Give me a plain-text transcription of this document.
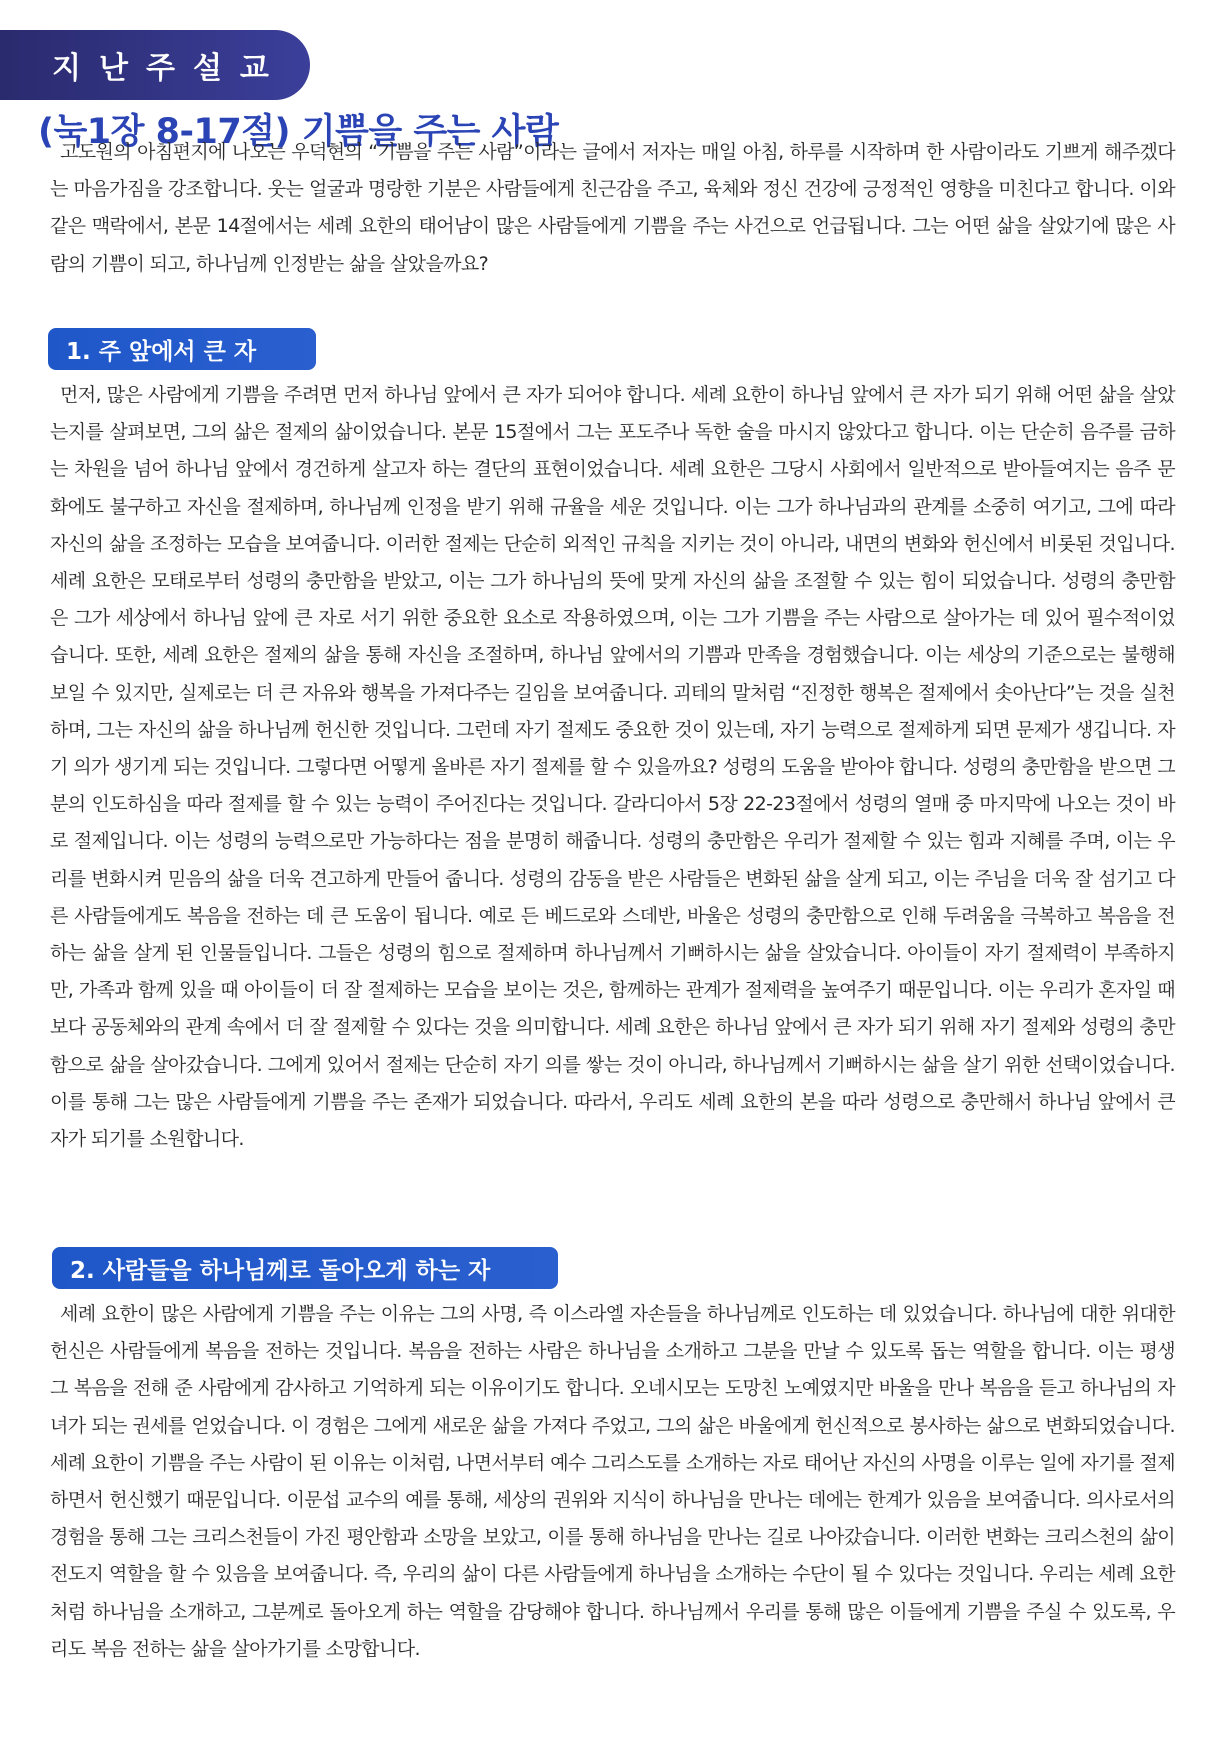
지난주설교
(눅1장 8-17절) 기쁨을 주는 사람

고도원의 아침편지에 나오는 우덕현의 “기쁨을 주는 사람”이라는 글에서 저자는 매일 아침, 하루를 시작하며 한 사람이라도 기쁘게 해주겠다는 마음가짐을 강조합니다. 웃는 얼굴과 명랑한 기분은 사람들에게 친근감을 주고, 육체와 정신 건강에 긍정적인 영향을 미친다고 합니다. 이와 같은 맥락에서, 본문 14절에서는 세례 요한의 태어남이 많은 사람들에게 기쁨을 주는 사건으로 언급됩니다. 그는 어떤 삶을 살았기에 많은 사람의 기쁨이 되고, 하나님께 인정받는 삶을 살았을까요?

1. 주 앞에서 큰 자

먼저, 많은 사람에게 기쁨을 주려면 먼저 하나님 앞에서 큰 자가 되어야 합니다. 세례 요한이 하나님 앞에서 큰 자가 되기 위해 어떤 삶을 살았는지를 살펴보면, 그의 삶은 절제의 삶이었습니다. 본문 15절에서 그는 포도주나 독한 술을 마시지 않았다고 합니다. 이는 단순히 음주를 금하는 차원을 넘어 하나님 앞에서 경건하게 살고자 하는 결단의 표현이었습니다. 세례 요한은 그당시 사회에서 일반적으로 받아들여지는 음주 문화에도 불구하고 자신을 절제하며, 하나님께 인정을 받기 위해 규율을 세운 것입니다. 이는 그가 하나님과의 관계를 소중히 여기고, 그에 따라 자신의 삶을 조정하는 모습을 보여줍니다. 이러한 절제는 단순히 외적인 규칙을 지키는 것이 아니라, 내면의 변화와 헌신에서 비롯된 것입니다. 세례 요한은 모태로부터 성령의 충만함을 받았고, 이는 그가 하나님의 뜻에 맞게 자신의 삶을 조절할 수 있는 힘이 되었습니다. 성령의 충만함은 그가 세상에서 하나님 앞에 큰 자로 서기 위한 중요한 요소로 작용하였으며, 이는 그가 기쁨을 주는 사람으로 살아가는 데 있어 필수적이었습니다. 또한, 세례 요한은 절제의 삶을 통해 자신을 조절하며, 하나님 앞에서의 기쁨과 만족을 경험했습니다. 이는 세상의 기준으로는 불행해 보일 수 있지만, 실제로는 더 큰 자유와 행복을 가져다주는 길임을 보여줍니다. 괴테의 말처럼 “진정한 행복은 절제에서 솟아난다”는 것을 실천하며, 그는 자신의 삶을 하나님께 헌신한 것입니다. 그런데 자기 절제도 중요한 것이 있는데, 자기 능력으로 절제하게 되면 문제가 생깁니다. 자기 의가 생기게 되는 것입니다. 그렇다면 어떻게 올바른 자기 절제를 할 수 있을까요? 성령의 도움을 받아야 합니다. 성령의 충만함을 받으면 그분의 인도하심을 따라 절제를 할 수 있는 능력이 주어진다는 것입니다. 갈라디아서 5장 22-23절에서 성령의 열매 중 마지막에 나오는 것이 바로 절제입니다. 이는 성령의 능력으로만 가능하다는 점을 분명히 해줍니다. 성령의 충만함은 우리가 절제할 수 있는 힘과 지혜를 주며, 이는 우리를 변화시켜 믿음의 삶을 더욱 견고하게 만들어 줍니다. 성령의 감동을 받은 사람들은 변화된 삶을 살게 되고, 이는 주님을 더욱 잘 섬기고 다른 사람들에게도 복음을 전하는 데 큰 도움이 됩니다. 예로 든 베드로와 스데반, 바울은 성령의 충만함으로 인해 두려움을 극복하고 복음을 전하는 삶을 살게 된 인물들입니다. 그들은 성령의 힘으로 절제하며 하나님께서 기뻐하시는 삶을 살았습니다. 아이들이 자기 절제력이 부족하지만, 가족과 함께 있을 때 아이들이 더 잘 절제하는 모습을 보이는 것은, 함께하는 관계가 절제력을 높여주기 때문입니다. 이는 우리가 혼자일 때보다 공동체와의 관계 속에서 더 잘 절제할 수 있다는 것을 의미합니다. 세례 요한은 하나님 앞에서 큰 자가 되기 위해 자기 절제와 성령의 충만함으로 삶을 살아갔습니다. 그에게 있어서 절제는 단순히 자기 의를 쌓는 것이 아니라, 하나님께서 기뻐하시는 삶을 살기 위한 선택이었습니다. 이를 통해 그는 많은 사람들에게 기쁨을 주는 존재가 되었습니다. 따라서, 우리도 세례 요한의 본을 따라 성령으로 충만해서 하나님 앞에서 큰 자가 되기를 소원합니다.

2. 사람들을 하나님께로 돌아오게 하는 자

세례 요한이 많은 사람에게 기쁨을 주는 이유는 그의 사명, 즉 이스라엘 자손들을 하나님께로 인도하는 데 있었습니다. 하나님에 대한 위대한 헌신은 사람들에게 복음을 전하는 것입니다. 복음을 전하는 사람은 하나님을 소개하고 그분을 만날 수 있도록 돕는 역할을 합니다. 이는 평생 그 복음을 전해 준 사람에게 감사하고 기억하게 되는 이유이기도 합니다. 오네시모는 도망친 노예였지만 바울을 만나 복음을 듣고 하나님의 자녀가 되는 권세를 얻었습니다. 이 경험은 그에게 새로운 삶을 가져다 주었고, 그의 삶은 바울에게 헌신적으로 봉사하는 삶으로 변화되었습니다. 세례 요한이 기쁨을 주는 사람이 된 이유는 이처럼, 나면서부터 예수 그리스도를 소개하는 자로 태어난 자신의 사명을 이루는 일에 자기를 절제하면서 헌신했기 때문입니다. 이문섭 교수의 예를 통해, 세상의 권위와 지식이 하나님을 만나는 데에는 한계가 있음을 보여줍니다. 의사로서의 경험을 통해 그는 크리스천들이 가진 평안함과 소망을 보았고, 이를 통해 하나님을 만나는 길로 나아갔습니다. 이러한 변화는 크리스천의 삶이 전도지 역할을 할 수 있음을 보여줍니다. 즉, 우리의 삶이 다른 사람들에게 하나님을 소개하는 수단이 될 수 있다는 것입니다. 우리는 세례 요한처럼 하나님을 소개하고, 그분께로 돌아오게 하는 역할을 감당해야 합니다. 하나님께서 우리를 통해 많은 이들에게 기쁨을 주실 수 있도록, 우리도 복음 전하는 삶을 살아가기를 소망합니다.
